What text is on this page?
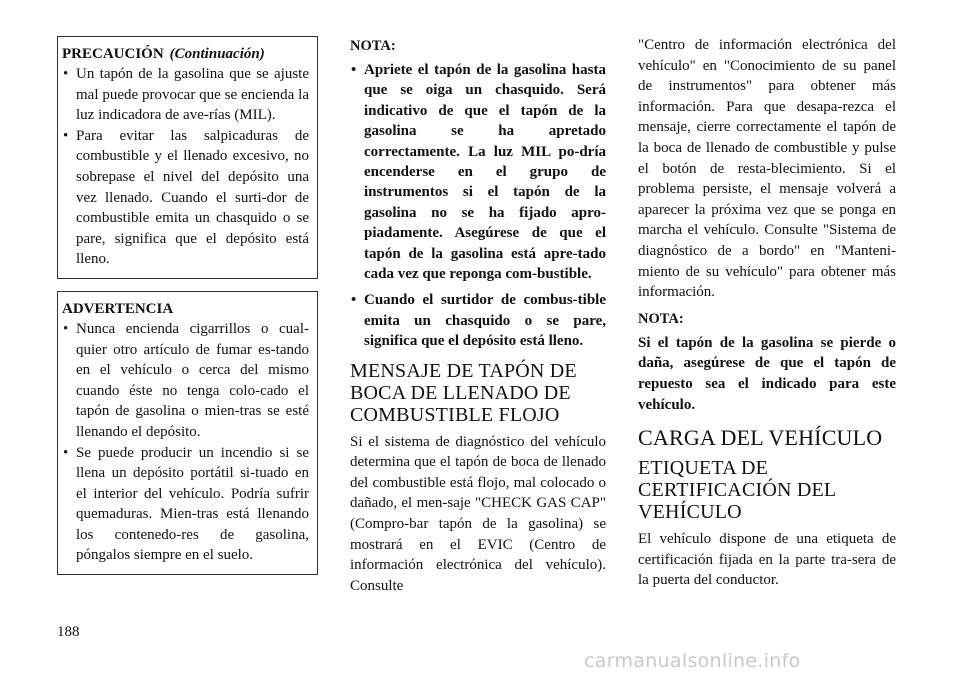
PRECAUCIÓN (Continuación)
• Un tapón de la gasolina que se ajuste mal puede provocar que se encienda la luz indicadora de ave-rías (MIL).
• Para evitar las salpicaduras de combustible y el llenado excesivo, no sobrepase el nivel del depósito una vez llenado. Cuando el surti-dor de combustible emita un chasquido o se pare, significa que el depósito está lleno.
ADVERTENCIA
• Nunca encienda cigarrillos o cual-quier otro artículo de fumar es-tando en el vehículo o cerca del mismo cuando éste no tenga colo-cado el tapón de gasolina o mien-tras se esté llenando el depósito.
• Se puede producir un incendio si se llena un depósito portátil si-tuado en el interior del vehículo. Podría sufrir quemaduras. Mien-tras está llenando los contenedo-res de gasolina, póngalos siempre en el suelo.
NOTA:
• Apriete el tapón de la gasolina hasta que se oiga un chasquido. Será indicativo de que el tapón de la gasolina se ha apretado correctamente. La luz MIL po-dría encenderse en el grupo de instrumentos si el tapón de la gasolina no se ha fijado apro-piadamente. Asegúrese de que el tapón de la gasolina está apre-tado cada vez que reponga com-bustible.
• Cuando el surtidor de combus-tible emita un chasquido o se pare, significa que el depósito está lleno.
MENSAJE DE TAPÓN DE BOCA DE LLENADO DE COMBUSTIBLE FLOJO

Si el sistema de diagnóstico del vehículo determina que el tapón de boca de llenado del combustible está flojo, mal colocado o dañado, el men-saje "CHECK GAS CAP" (Compro-bar tapón de la gasolina) se mostrará en el EVIC (Centro de información electrónica del vehículo). Consulte

"Centro de información electrónica del vehículo" en "Conocimiento de su panel de instrumentos" para obtener más información. Para que desapa-rezca el mensaje, cierre correctamente el tapón de la boca de llenado de combustible y pulse el botón de resta-blecimiento. Si el problema persiste, el mensaje volverá a aparecer la próxima vez que se ponga en marcha el vehículo. Consulte "Sistema de diagnóstico de a bordo" en "Manteni-miento de su vehículo" para obtener más información.

NOTA:

Si el tapón de la gasolina se pierde o daña, asegúrese de que el tapón de repuesto sea el indicado para este vehículo.

CARGA DEL VEHÍCULO
ETIQUETA DE CERTIFICACIÓN DEL VEHÍCULO

El vehículo dispone de una etiqueta de certificación fijada en la parte tra-sera de la puerta del conductor.

188
carmanualsonline.info
